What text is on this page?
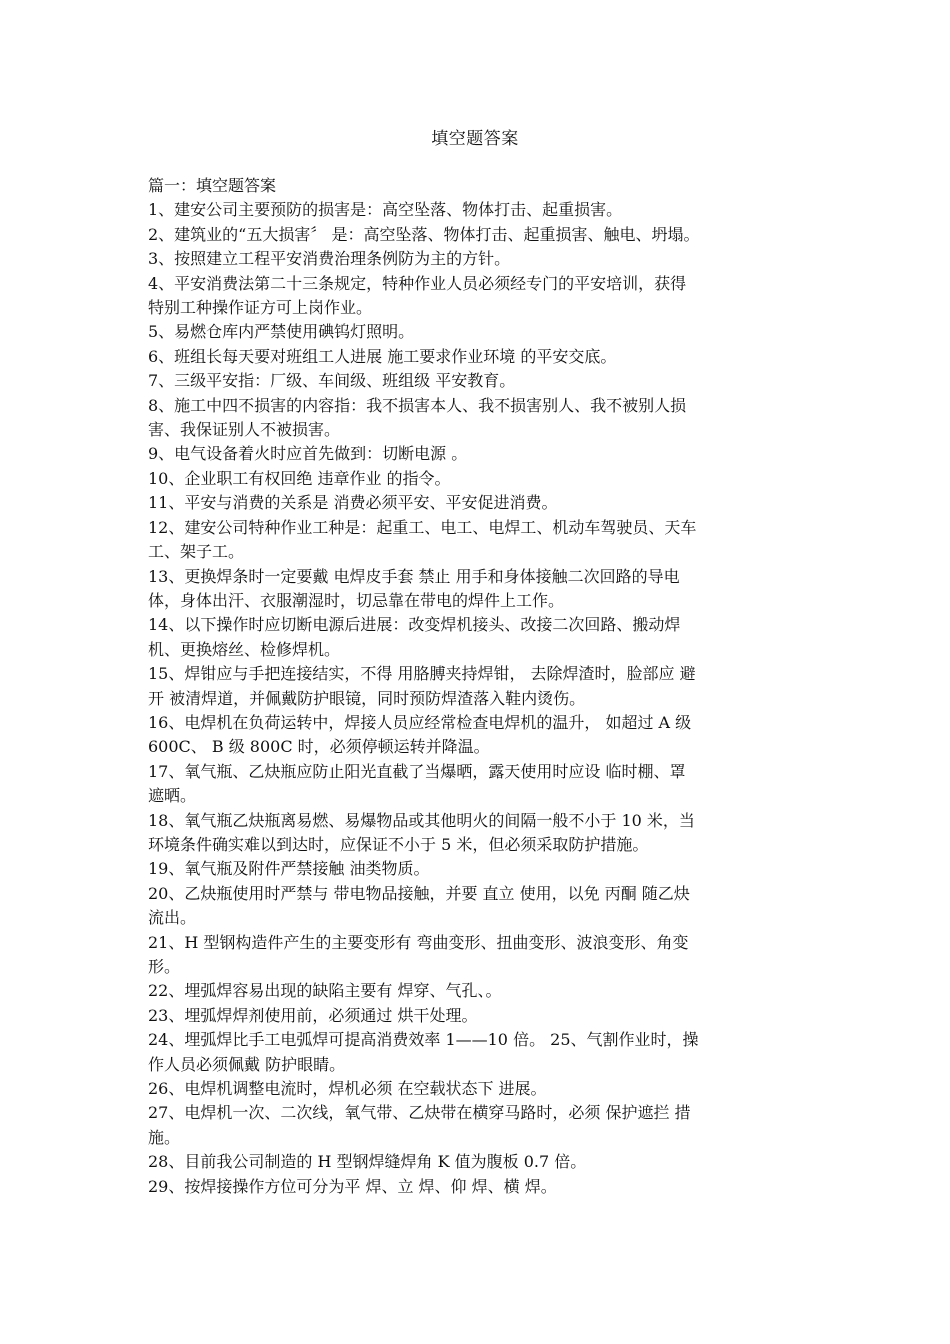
填空题答案

篇一：填空题答案

1、建安公司主要预防的损害是：高空坠落、物体打击、起重损害。

2、建筑业的“五大损害〞 是：高空坠落、物体打击、起重损害、触电、坍塌。

3、按照建立工程平安消费治理条例防为主的方针。

4、平安消费法第二十三条规定，特种作业人员必须经专门的平安培训，获得

特别工种操作证方可上岗作业。

5、易燃仓库内严禁使用碘钨灯照明。

6、班组长每天要对班组工人进展 施工要求作业环境 的平安交底。

7、三级平安指：厂级、车间级、班组级 平安教育。

8、施工中四不损害的内容指：我不损害本人、我不损害别人、我不被别人损

害、我保证别人不被损害。

9、电气设备着火时应首先做到：切断电源 。

10、企业职工有权回绝 违章作业 的指令。

11、平安与消费的关系是 消费必须平安、平安促进消费。

12、建安公司特种作业工种是：起重工、电工、电焊工、机动车驾驶员、天车

工、架子工。

13、更换焊条时一定要戴 电焊皮手套 禁止 用手和身体接触二次回路的导电

体，身体出汗、衣服潮湿时，切忌靠在带电的焊件上工作。

14、以下操作时应切断电源后进展：改变焊机接头、改接二次回路、搬动焊

机、更换熔丝、检修焊机。

15、焊钳应与手把连接结实，不得 用胳膊夹持焊钳， 去除焊渣时，脸部应 避

开 被清焊道，并佩戴防护眼镜，同时预防焊渣落入鞋内烫伤。

16、电焊机在负荷运转中，焊接人员应经常检查电焊机的温升， 如超过 A 级

600C、 B 级 800C 时，必须停顿运转并降温。

17、氧气瓶、乙炔瓶应防止阳光直截了当爆晒，露天使用时应设 临时棚、罩

遮晒。

18、氧气瓶乙炔瓶离易燃、易爆物品或其他明火的间隔一般不小于 10 米，当

环境条件确实难以到达时，应保证不小于 5 米，但必须采取防护措施。

19、氧气瓶及附件严禁接触 油类物质。

20、乙炔瓶使用时严禁与 带电物品接触，并要 直立 使用，以免 丙酮 随乙炔

流出。

21、H 型钢构造件产生的主要变形有 弯曲变形、扭曲变形、波浪变形、角变

形。

22、埋弧焊容易出现的缺陷主要有 焊穿、气孔、。

23、埋弧焊焊剂使用前，必须通过 烘干处理。

24、埋弧焊比手工电弧焊可提高消费效率 1——10 倍。 25、气割作业时，操

作人员必须佩戴 防护眼睛。

26、电焊机调整电流时，焊机必须 在空载状态下 进展。

27、电焊机一次、二次线，氧气带、乙炔带在横穿马路时，必须 保护遮拦 措

施。

28、目前我公司制造的 H 型钢焊缝焊角 K 值为腹板 0.7 倍。

29、按焊接操作方位可分为平 焊、立 焊、仰 焊、横 焊。
